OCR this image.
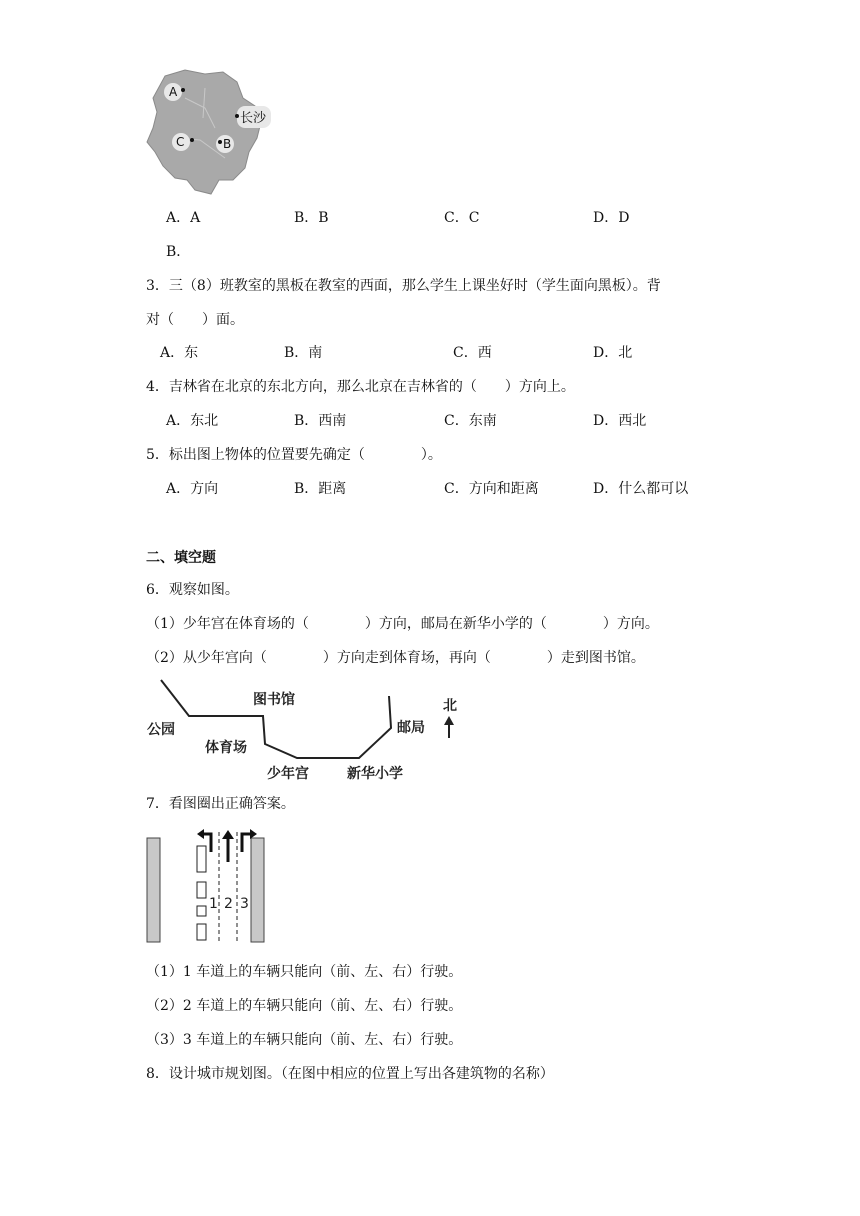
A
C	B
长沙
A．A	B．B	C．C	D．D
B．
3．三（8）班教室的黑板在教室的西面，那么学生上课坐好时（学生面向黑板）。背
对（　　）面。
A．东	B．南	C．西	D．北
4．吉林省在北京的东北方向，那么北京在吉林省的（　　）方向上。
A．东北	B．西南	C．东南	D．西北
5．标出图上物体的位置要先确定（　　　　）。
A．方向	B．距离	C．方向和距离	D．什么都可以
二、填空题
6．观察如图。
（1）少年宫在体育场的（　　　　）方向，邮局在新华小学的（　　　　）方向。
（2）从少年宫向（　　　　）方向走到体育场，再向（　　　　）走到图书馆。
公园
图书馆
体育场
少年宫	新华小学
邮局
北
7．看图圈出正确答案。
1 2 3
（1）1 车道上的车辆只能向（前、左、右）行驶。
（2）2 车道上的车辆只能向（前、左、右）行驶。
（3）3 车道上的车辆只能向（前、左、右）行驶。
8．设计城市规划图。（在图中相应的位置上写出各建筑物的名称）
